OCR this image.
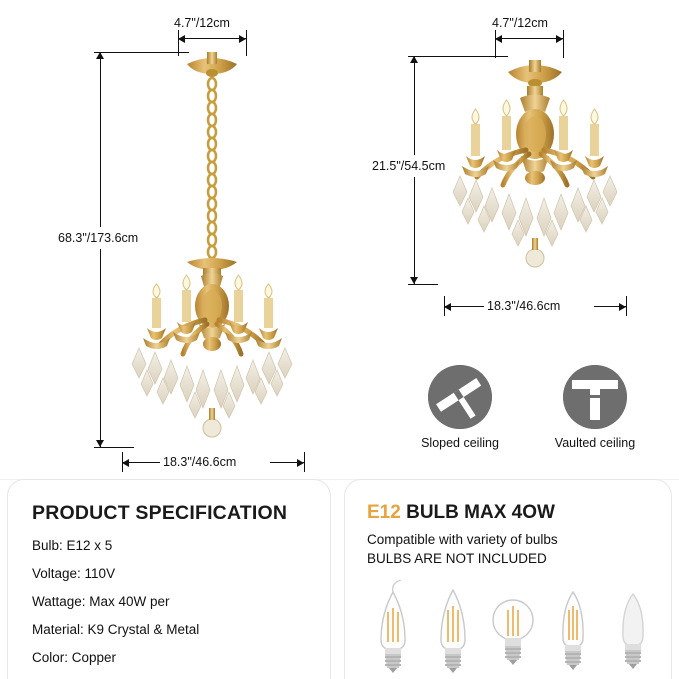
4.7"/12cm
68.3"/173.6cm
18.3"/46.6cm
4.7"/12cm
21.5"/54.5cm
18.3"/46.6cm
Sloped ceiling	Vaulted ceiling
PRODUCT SPECIFICATION
Bulb: E12 x 5
Voltage: 110V
Wattage: Max 40W per
Material: K9 Crystal & Metal
Color: Copper
E12 BULB MAX 4OW
Compatible with variety of bulbs
BULBS ARE NOT INCLUDED
